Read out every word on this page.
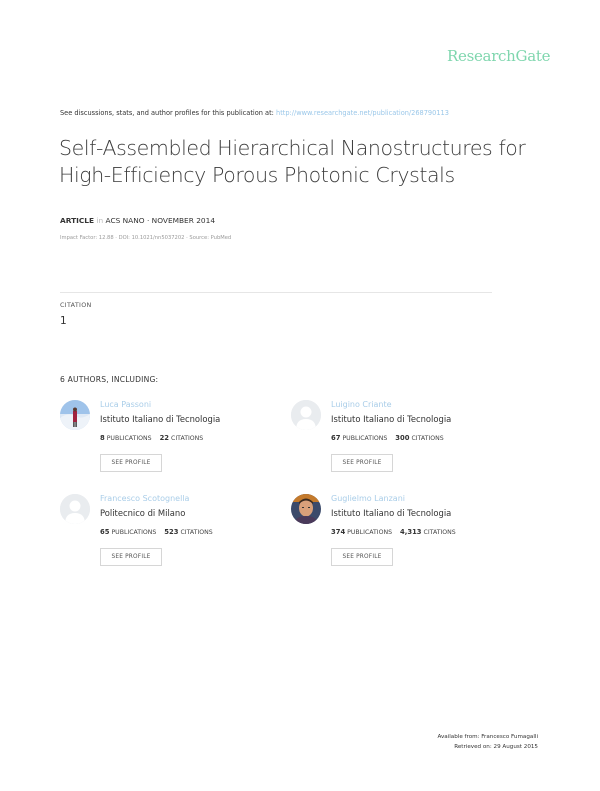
ResearchGate
See discussions, stats, and author profiles for this publication at: http://www.researchgate.net/publication/268790113
Self-Assembled Hierarchical Nanostructures for
High-Efficiency Porous Photonic Crystals
ARTICLE in ACS NANO · NOVEMBER 2014
Impact Factor: 12.88 · DOI: 10.1021/nn5037202 · Source: PubMed
CITATION
1
6 AUTHORS, INCLUDING:
Luca Passoni
Istituto Italiano di Tecnologia
8 PUBLICATIONS 22 CITATIONS
SEE PROFILE
Luigino Criante
Istituto Italiano di Tecnologia
67 PUBLICATIONS 300 CITATIONS
SEE PROFILE
Francesco Scotognella
Politecnico di Milano
65 PUBLICATIONS 523 CITATIONS
SEE PROFILE
Guglielmo Lanzani
Istituto Italiano di Tecnologia
374 PUBLICATIONS 4,313 CITATIONS
SEE PROFILE
Available from: Francesco Fumagalli
Retrieved on: 29 August 2015
